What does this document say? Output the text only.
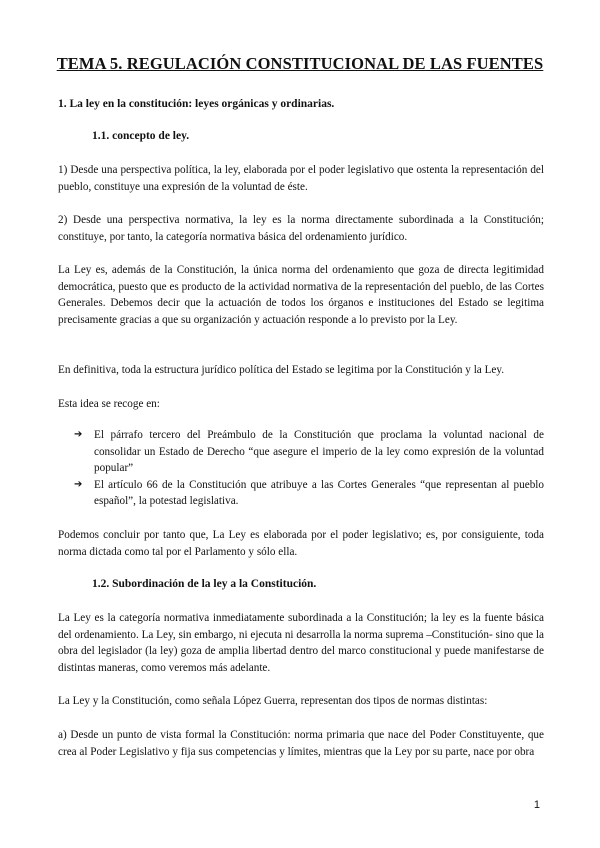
TEMA 5. REGULACIÓN CONSTITUCIONAL DE LAS FUENTES
1. La ley en la constitución: leyes orgánicas y ordinarias.
1.1. concepto de ley.
1) Desde una perspectiva política, la ley, elaborada por el poder legislativo que ostenta la representación del pueblo, constituye una expresión de la voluntad de éste.
2) Desde una perspectiva normativa, la ley es la norma directamente subordinada a la Constitución; constituye, por tanto, la categoría normativa básica del ordenamiento jurídico.
La Ley es, además de la Constitución, la única norma del ordenamiento que goza de directa legitimidad democrática, puesto que es producto de la actividad normativa de la representación del pueblo, de las Cortes Generales. Debemos decir que la actuación de todos los órganos e instituciones del Estado se legitima precisamente gracias a que su organización y actuación responde a lo previsto por la Ley.
En definitiva, toda la estructura jurídico política del Estado se legitima por la Constitución y la Ley.
Esta idea se recoge en:
➔ El párrafo tercero del Preámbulo de la Constitución que proclama la voluntad nacional de consolidar un Estado de Derecho “que asegure el imperio de la ley como expresión de la voluntad popular”
➔ El artículo 66 de la Constitución que atribuye a las Cortes Generales “que representan al pueblo español”, la potestad legislativa.
Podemos concluir por tanto que, La Ley es elaborada por el poder legislativo; es, por consiguiente, toda norma dictada como tal por el Parlamento y sólo ella.
1.2. Subordinación de la ley a la Constitución.
La Ley es la categoría normativa inmediatamente subordinada a la Constitución; la ley es la fuente básica del ordenamiento. La Ley, sin embargo, ni ejecuta ni desarrolla la norma suprema –Constitución- sino que la obra del legislador (la ley) goza de amplia libertad dentro del marco constitucional y puede manifestarse de distintas maneras, como veremos más adelante.
La Ley y la Constitución, como señala López Guerra, representan dos tipos de normas distintas:
a) Desde un punto de vista formal la Constitución: norma primaria que nace del Poder Constituyente, que crea al Poder Legislativo y fija sus competencias y límites, mientras que la Ley por su parte, nace por obra
1
